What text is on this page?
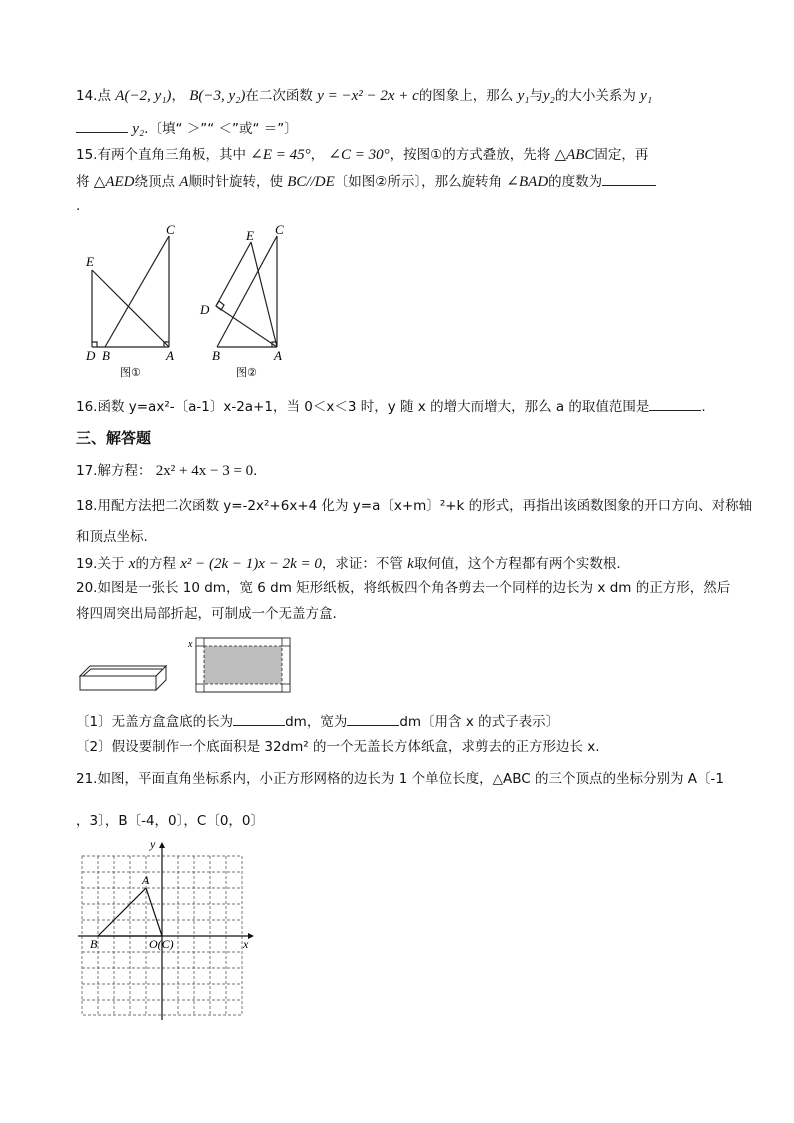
14.点 A(−2, y₁)， B(−3, y₂)在二次函数 y = −x² − 2x + c的图象上，那么 y₁与y₂的大小关系为 y₁
y₂.〔填“ ＞”“ ＜”或“ ＝”〕
15.有两个直角三角板，其中 ∠E = 45°， ∠C = 30°，按图①的方式叠放，先将 △ABC固定，再
将 △AED绕顶点 A顺时针旋转，使 BC//DE〔如图②所示〕，那么旋转角 ∠BAD的度数为
.
E
C
D B	A
图①
E C
D
B	A
图②
16.函数 y=ax²-〔a-1〕x-2a+1，当 0＜x＜3 时，y 随 x 的增大而增大，那么 a 的取值范围是	.
三、解答题
17.解方程： 2x² + 4x − 3 = 0.
18.用配方法把二次函数 y=-2x²+6x+4 化为 y=a〔x+m〕²+k 的形式，再指出该函数图象的开口方向、对称轴
和顶点坐标.
19.关于 x的方程 x² − (2k − 1)x − 2k = 0，求证：不管 k取何值，这个方程都有两个实数根.
20.如图是一张长 10 dm，宽 6 dm 矩形纸板，将纸板四个角各剪去一个同样的边长为 x dm 的正方形，然后
将四周突出局部折起，可制成一个无盖方盒.
x
〔1〕无盖方盒盒底的长为	dm，宽为	dm〔用含 x 的式子表示〕
〔2〕假设要制作一个底面积是 32dm² 的一个无盖长方体纸盒，求剪去的正方形边长 x.
21.如图，平面直角坐标系内，小正方形网格的边长为 1 个单位长度，△ABC 的三个顶点的坐标分别为 A〔-1
，3〕，B〔-4，0〕，C〔0，0〕
y
x
A
B	O(C)
